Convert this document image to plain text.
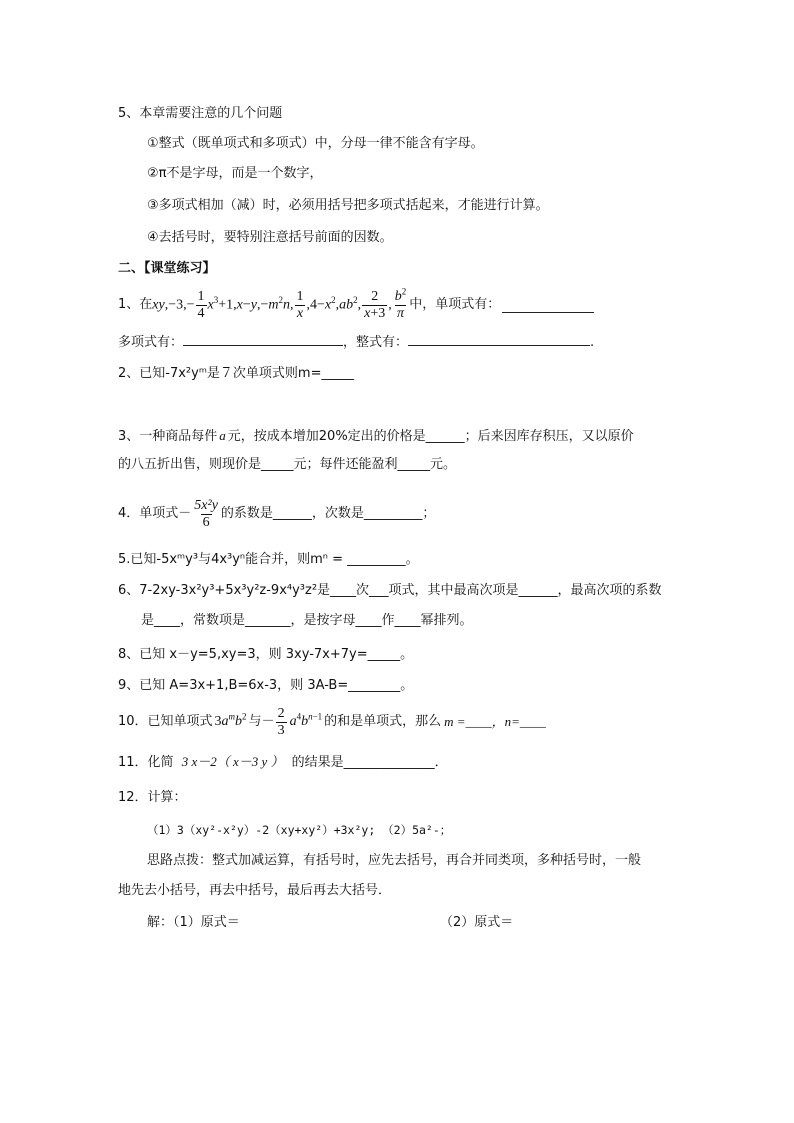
5、本章需要注意的几个问题
①整式（既单项式和多项式）中，分母一律不能含有字母。
②π不是字母，而是一个数字，
③多项式相加（减）时，必须用括号把多项式括起来，才能进行计算。
④去括号时，要特别注意括号前面的因数。
二、【课堂练习】
1、在 $xy,-3,- \frac{1}{4} x^3+1,x-y,-m^2n$, $\frac{1}{x} ,4-x^2,ab^2$, $\frac{2}{x+3}$ , $\frac{b^2}{\pi}$ 中，单项式有：
多项式有：	，整式有：	.
2、已知-7x²yᵐ是７次单项式则m=_____
3、一种商品每件 a 元，按成本增加20%定出的价格是______；后来因库存积压，又以原价
的八五折出售，则现价是_____元；每件还能盈利_____元。
4．单项式－ $\frac{\text{5x²y}}{6}$ 的系数是______，次数是_________；
5.已知-5xᵐy³与4x³yⁿ能合并，则mⁿ = _________。
6、7-2xy-3x²y³+5x³y²z-9x⁴y³z²是____次___项式，其中最高次项是______，最高次项的系数
是____，常数项是_______，是按字母____作____幂排列。
8、已知 x－y=5,xy=3，则 3xy-7x+7y=_____。
9、已知 A=3x+1,B=6x-3，则 3A-B=________。
10．已知单项式 $3a^mb^2$ 与－ $\frac{2}{3} a^4b^{n-1}$ 的和是单项式，那么 m =____，n=____
11．化简 3 x－2（ x－3 y ） 的结果是______________．
12．计算：
（1）3（xy²-x²y）-2（xy+xy²）+3x²y; （2）5a²-；
思路点拨：整式加减运算，有括号时，应先去括号，再合并同类项，多种括号时，一般
地先去小括号，再去中括号，最后再去大括号．
解：（1）原式＝	（2）原式＝
